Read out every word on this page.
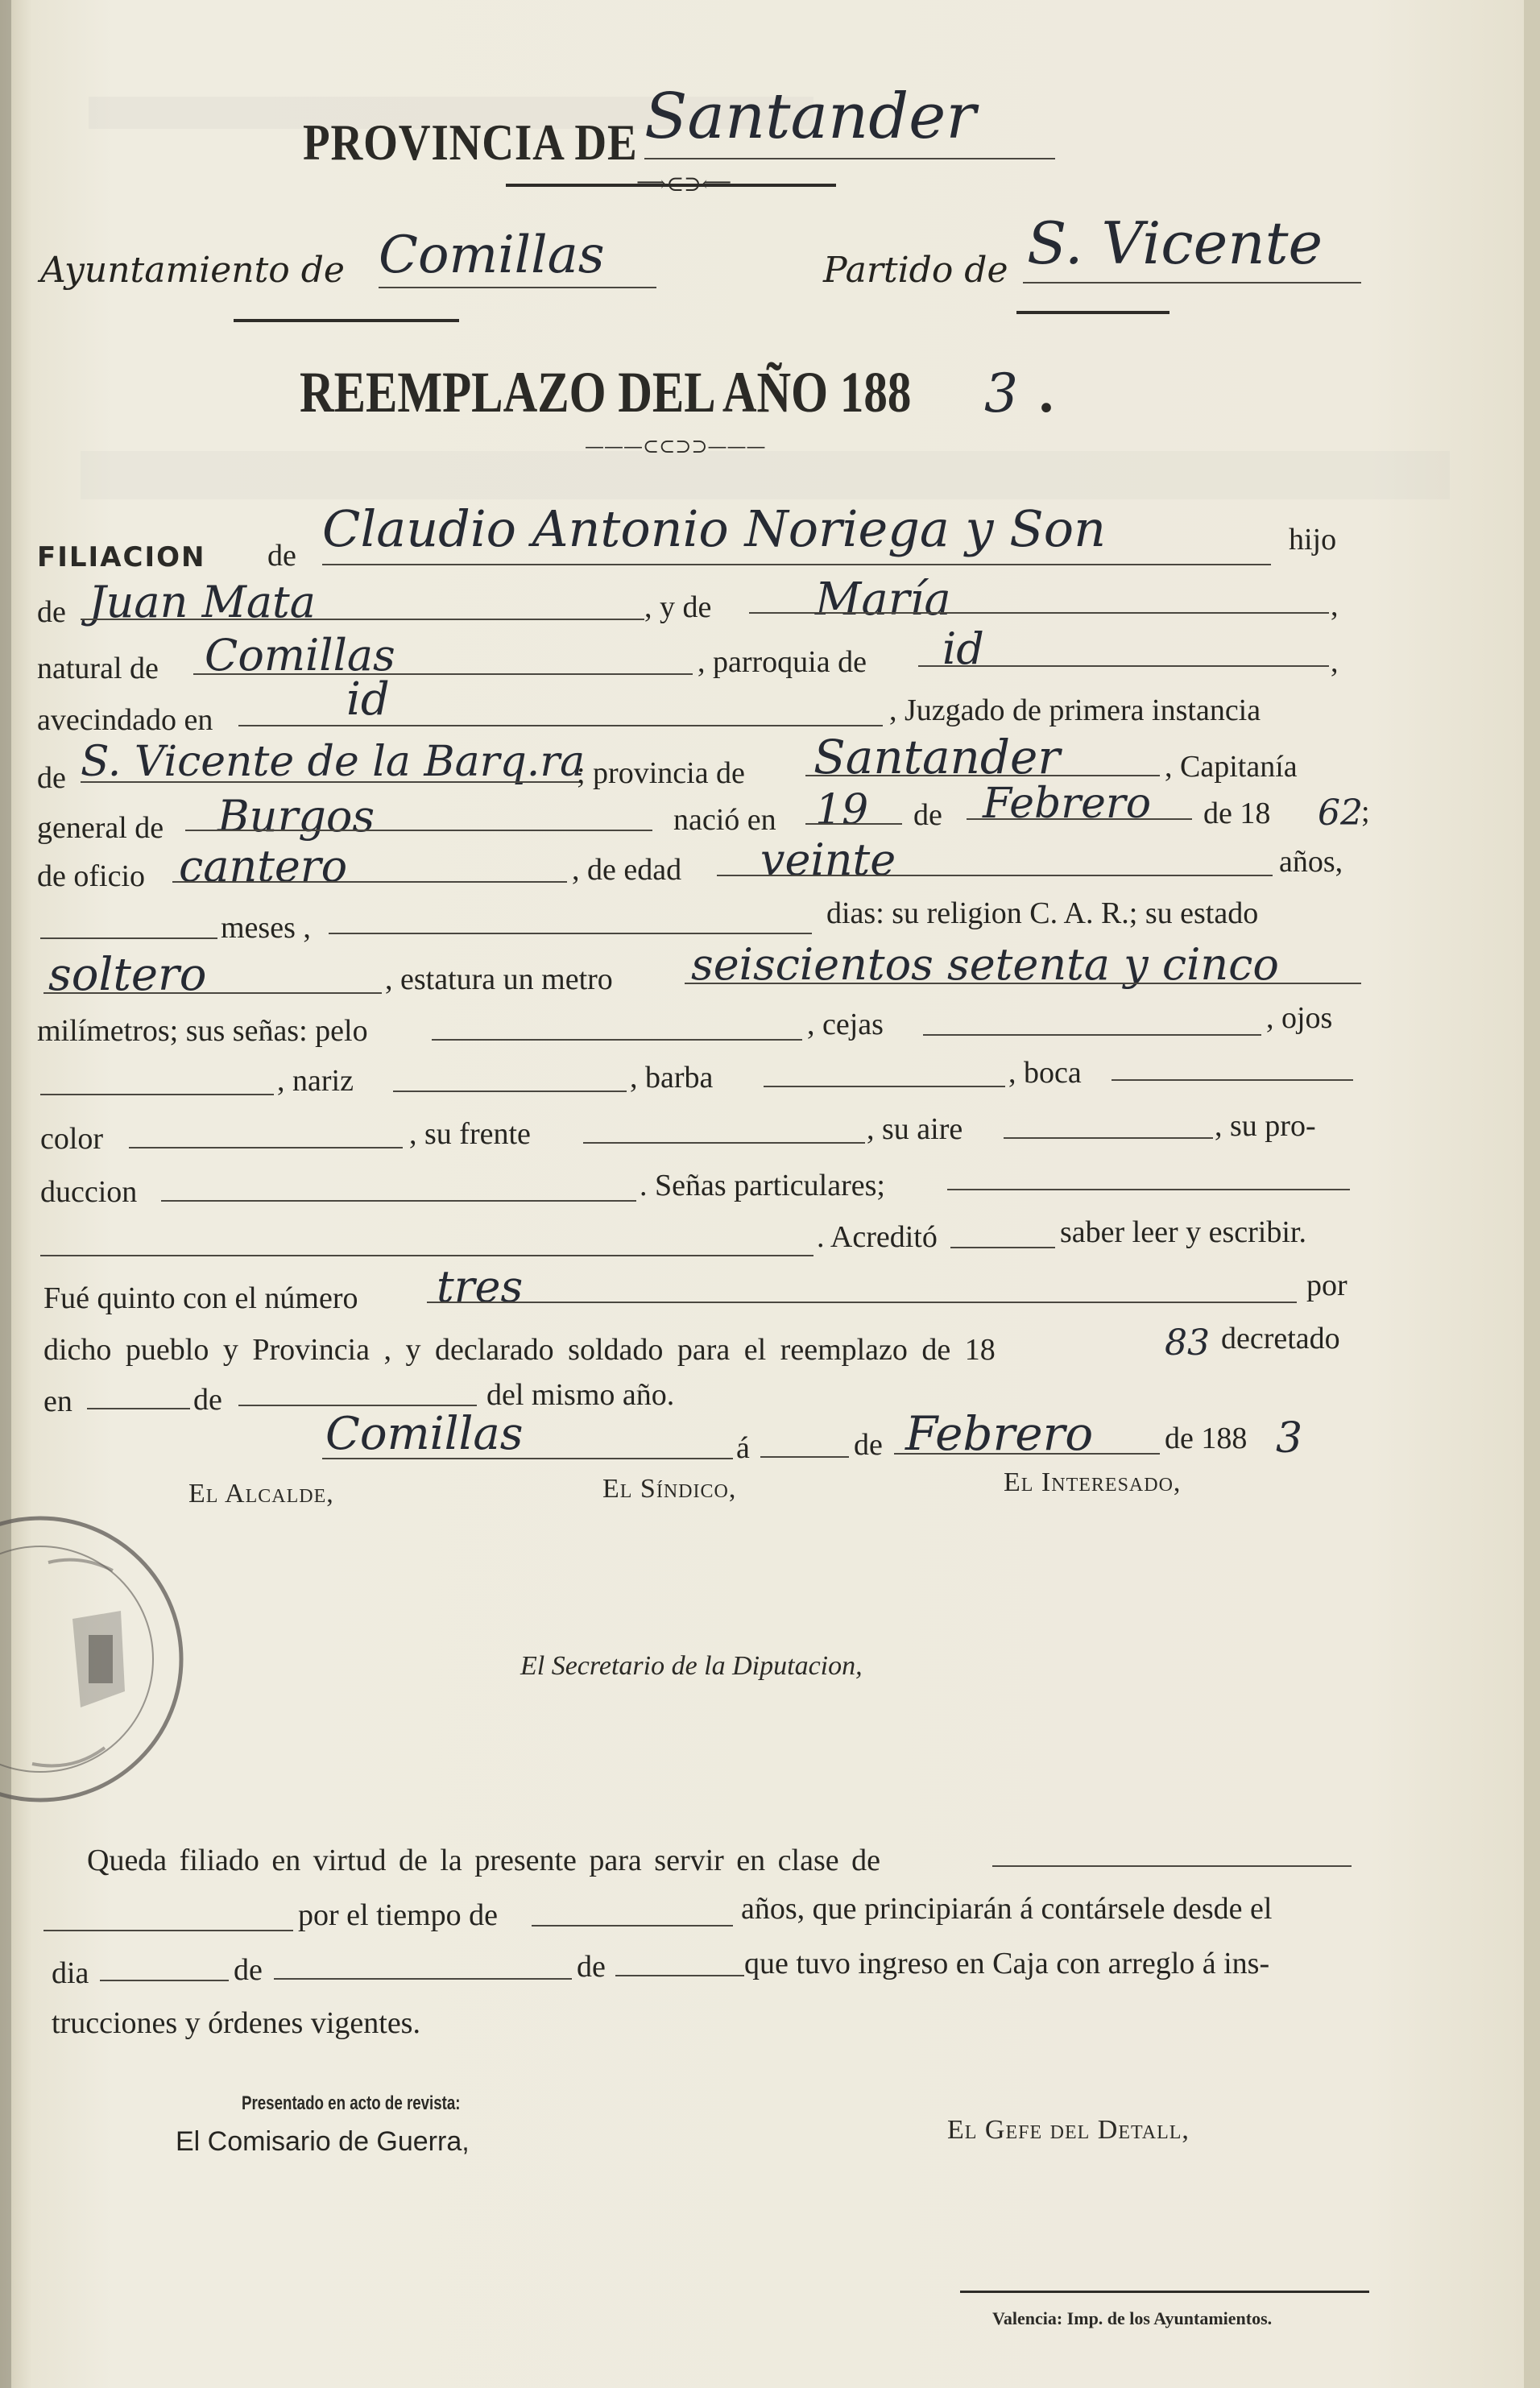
PROVINCIA DE Santander
⟹⊂⊃⟸
Ayuntamiento de Comillas	Partido de S. Vicente
REEMPLAZO DEL AÑO 188 3 .
———⊂⊂⊃⊃———
FILIACION de Claudio Antonio Noriega y Son	hijo
de Juan Mata	, y de María	,
natural de Comillas	, parroquia de id	,
avecindado en	id	, Juzgado de primera instancia
de S. Vicente de la Barq.ra
; provincia de Santander	, Capitanía
general de Burgos	nació en 19 de Febrero de 18 62
;
de oficio cantero	, de edad veinte	años,
meses ,	dias: su religion C. A. R.; su estado
soltero	, estatura un metro seiscientos setenta y cinco
milímetros; sus señas: pelo	, cejas	, ojos
, nariz	, barba	, boca
color	, su frente	, su aire	, su pro-
duccion	. Señas particulares;
. Acreditó	saber leer y escribir.
Fué quinto con el número tres	por
dicho pueblo y Provincia , y declarado soldado para el reemplazo de 18	83 decretado
en	de	del mismo año.
Comillas	á	de Febrero de 188 3
El Alcalde,	El Síndico,	El Interesado,
El Secretario de la Diputacion,
Queda filiado en virtud de la presente para servir en clase de
por el tiempo de	años, que principiarán á contársele desde el
dia	de	de	que tuvo ingreso en Caja con arreglo á ins-
trucciones y órdenes vigentes.
Presentado en acto de revista:
El Comisario de Guerra,	El Gefe del Detall,
Valencia: Imp. de los Ayuntamientos.
